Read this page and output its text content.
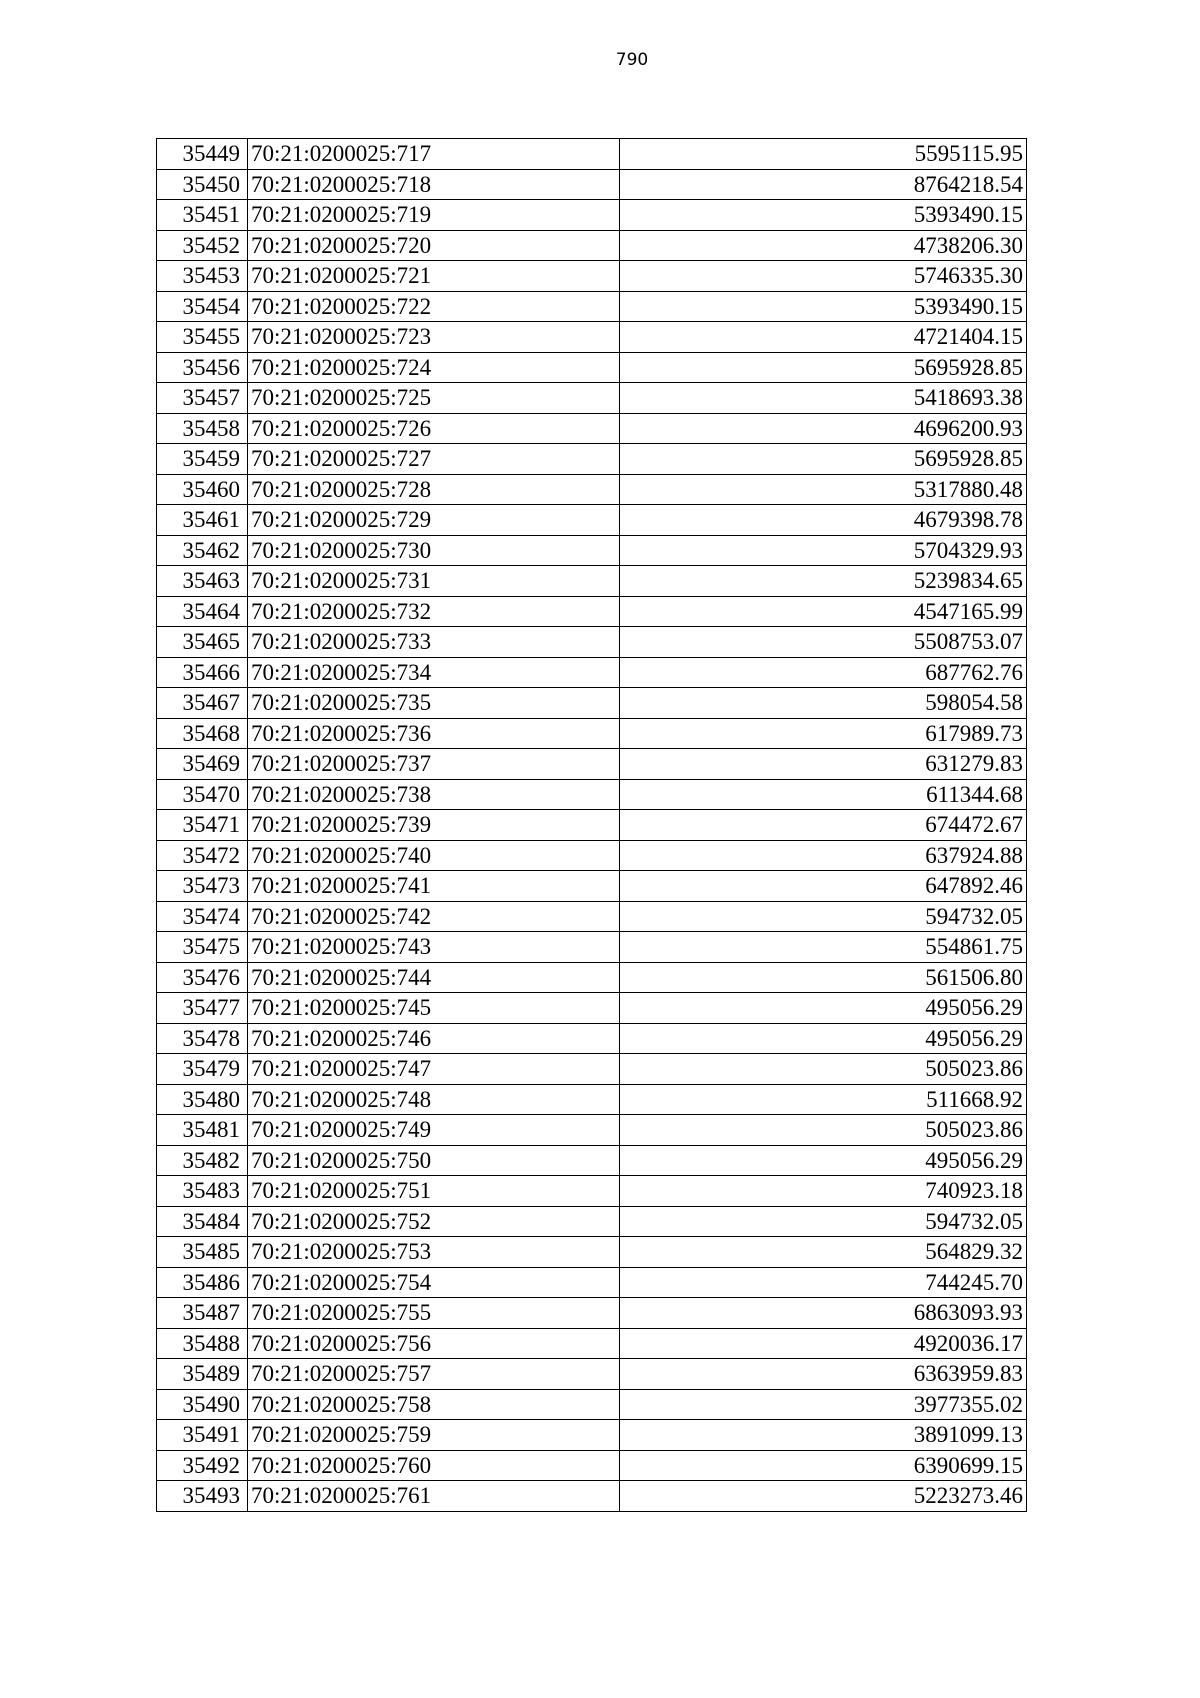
790
35449	70:21:0200025:717	5595115.95
35450	70:21:0200025:718	8764218.54
35451	70:21:0200025:719	5393490.15
35452	70:21:0200025:720	4738206.30
35453	70:21:0200025:721	5746335.30
35454	70:21:0200025:722	5393490.15
35455	70:21:0200025:723	4721404.15
35456	70:21:0200025:724	5695928.85
35457	70:21:0200025:725	5418693.38
35458	70:21:0200025:726	4696200.93
35459	70:21:0200025:727	5695928.85
35460	70:21:0200025:728	5317880.48
35461	70:21:0200025:729	4679398.78
35462	70:21:0200025:730	5704329.93
35463	70:21:0200025:731	5239834.65
35464	70:21:0200025:732	4547165.99
35465	70:21:0200025:733	5508753.07
35466	70:21:0200025:734	687762.76
35467	70:21:0200025:735	598054.58
35468	70:21:0200025:736	617989.73
35469	70:21:0200025:737	631279.83
35470	70:21:0200025:738	611344.68
35471	70:21:0200025:739	674472.67
35472	70:21:0200025:740	637924.88
35473	70:21:0200025:741	647892.46
35474	70:21:0200025:742	594732.05
35475	70:21:0200025:743	554861.75
35476	70:21:0200025:744	561506.80
35477	70:21:0200025:745	495056.29
35478	70:21:0200025:746	495056.29
35479	70:21:0200025:747	505023.86
35480	70:21:0200025:748	511668.92
35481	70:21:0200025:749	505023.86
35482	70:21:0200025:750	495056.29
35483	70:21:0200025:751	740923.18
35484	70:21:0200025:752	594732.05
35485	70:21:0200025:753	564829.32
35486	70:21:0200025:754	744245.70
35487	70:21:0200025:755	6863093.93
35488	70:21:0200025:756	4920036.17
35489	70:21:0200025:757	6363959.83
35490	70:21:0200025:758	3977355.02
35491	70:21:0200025:759	3891099.13
35492	70:21:0200025:760	6390699.15
35493	70:21:0200025:761	5223273.46
